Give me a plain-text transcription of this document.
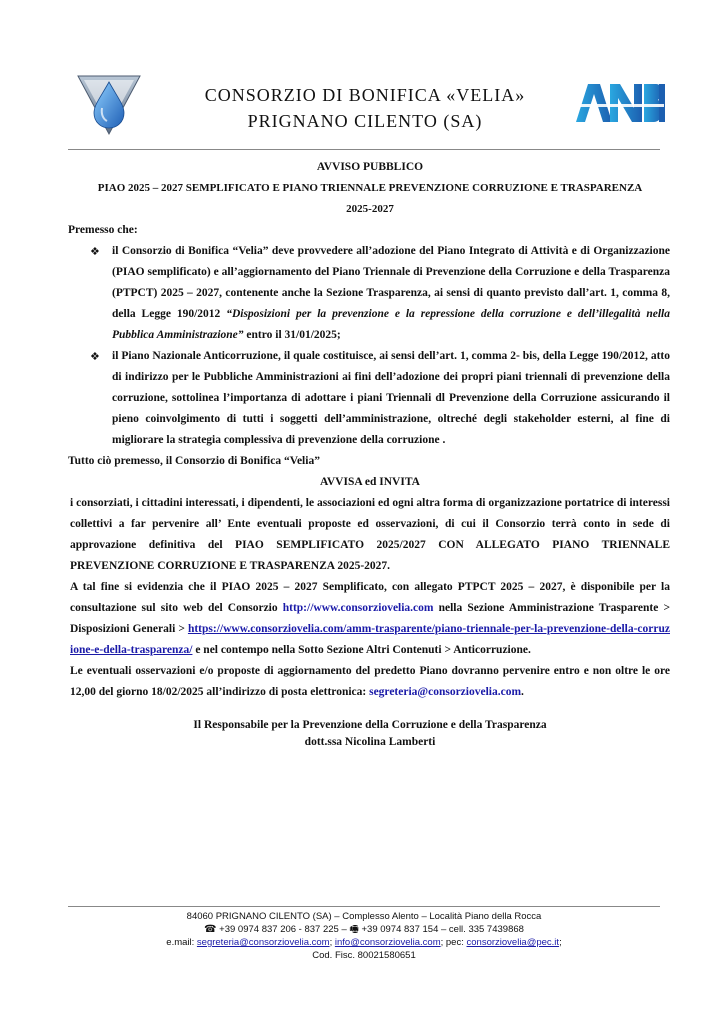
CONSORZIO DI BONIFICA «VELIA»
PRIGNANO CILENTO (SA)
AVVISO PUBBLICO
PIAO 2025 – 2027 SEMPLIFICATO E PIANO TRIENNALE PREVENZIONE CORRUZIONE E TRASPARENZA
2025-2027
Premesso che:
❖ il Consorzio di Bonifica “Velia” deve provvedere all’adozione del Piano Integrato di Attività e di Organizzazione (PIAO semplificato) e all’aggiornamento del Piano Triennale di Prevenzione della Corruzione e della Trasparenza (PTPCT) 2025 – 2027, contenente anche la Sezione Trasparenza, ai sensi di quanto previsto dall’art. 1, comma 8, della Legge 190/2012 “Disposizioni per la prevenzione e la repressione della corruzione e dell’illegalità nella Pubblica Amministrazione” entro il 31/01/2025;
❖ il Piano Nazionale Anticorruzione, il quale costituisce, ai sensi dell’art. 1, comma 2- bis, della Legge 190/2012, atto di indirizzo per le Pubbliche Amministrazioni ai fini dell’adozione dei propri piani triennali di prevenzione della corruzione, sottolinea l’importanza di adottare i piani Triennali dl Prevenzione della Corruzione assicurando il pieno coinvolgimento di tutti i soggetti dell’amministrazione, oltreché degli stakeholder esterni, al fine di migliorare la strategia complessiva di prevenzione della corruzione .
Tutto ciò premesso, il Consorzio di Bonifica “Velia”
AVVISA ed INVITA
i consorziati, i cittadini interessati, i dipendenti, le associazioni ed ogni altra forma di organizzazione portatrice di interessi collettivi a far pervenire all’ Ente eventuali proposte ed osservazioni, di cui il Consorzio terrà conto in sede di approvazione definitiva del PIAO SEMPLIFICATO 2025/2027 CON ALLEGATO PIANO TRIENNALE PREVENZIONE CORRUZIONE E TRASPARENZA 2025-2027.
A tal fine si evidenzia che il PIAO 2025 – 2027 Semplificato, con allegato PTPCT 2025 – 2027, è disponibile per la consultazione sul sito web del Consorzio http://www.consorziovelia.com nella Sezione Amministrazione Trasparente > Disposizioni Generali > https://www.consorziovelia.com/amm-trasparente/piano-triennale-per-la-prevenzione-della-corruzione-e-della-trasparenza/ e nel contempo nella Sotto Sezione Altri Contenuti > Anticorruzione.
Le eventuali osservazioni e/o proposte di aggiornamento del predetto Piano dovranno pervenire entro e non oltre le ore 12,00 del giorno 18/02/2025 all’indirizzo di posta elettronica: segreteria@consorziovelia.com.
Il Responsabile per la Prevenzione della Corruzione e della Trasparenza
dott.ssa Nicolina Lamberti
84060 PRIGNANO CILENTO (SA) – Complesso Alento – Località Piano della Rocca
☎ +39 0974 837 206 - 837 225 – 🖷 +39 0974 837 154 – cell. 335 7439868
e.mail: segreteria@consorziovelia.com; info@consorziovelia.com; pec: consorziovelia@pec.it;
Cod. Fisc. 80021580651
